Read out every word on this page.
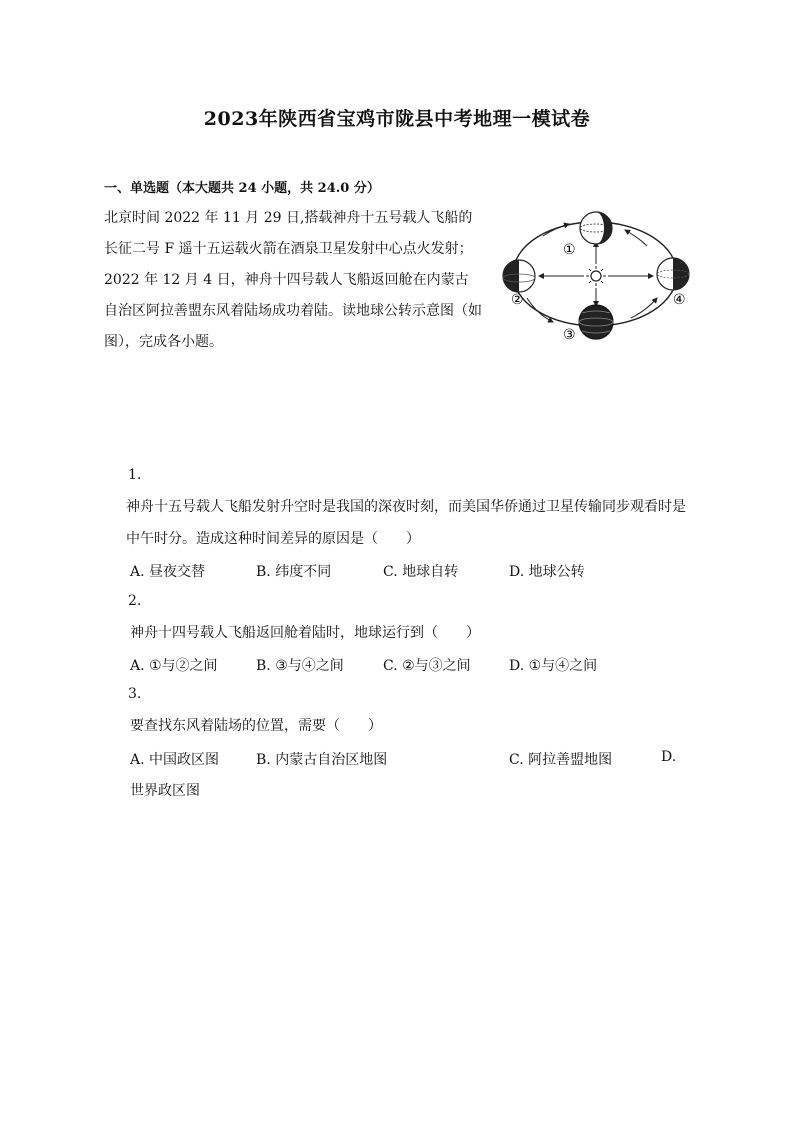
2023年陕西省宝鸡市陇县中考地理一模试卷
一、单选题（本大题共 24 小题，共 24.0 分）
北京时间 2022 年 11 月 29 日,搭载神舟十五号载人飞船的长征二号 F 遥十五运载火箭在酒泉卫星发射中心点火发射；2022 年 12 月 4 日，神舟十四号载人飞船返回舱在内蒙古自治区阿拉善盟东风着陆场成功着陆。读地球公转示意图（如图），完成各小题。
①
②
③
④
1.
神舟十五号载人飞船发射升空时是我国的深夜时刻，而美国华侨通过卫星传输同步观看时是中午时分。造成这种时间差异的原因是（　　）
A. 昼夜交替	B. 纬度不同	C. 地球自转	D. 地球公转
2.
神舟十四号载人飞船返回舱着陆时，地球运行到（　　）
A. ①与②之间	B. ③与④之间	C. ②与③之间	D. ①与④之间
3.
要查找东风着陆场的位置，需要（　　）
A. 中国政区图	B. 内蒙古自治区地图	C. 阿拉善盟地图	D.
世界政区图
